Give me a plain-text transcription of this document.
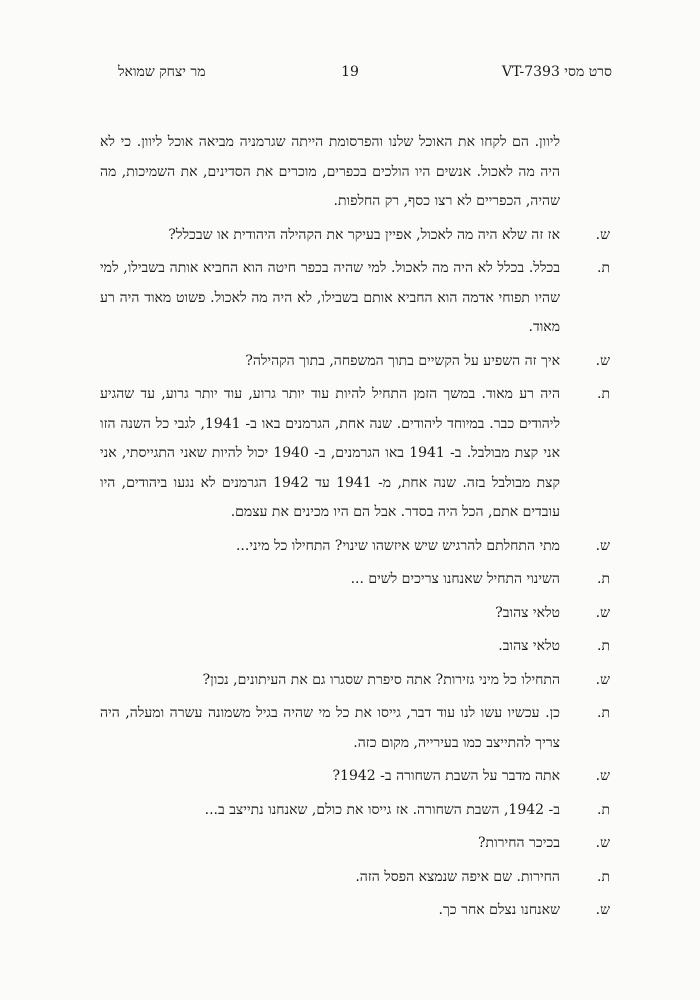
מר יצחק שמואל	19	סרט מסי VT-7393
ליוון. הם לקחו את האוכל שלנו והפרסומת הייתה שגרמניה מביאה אוכל ליוון. כי לא היה מה לאכול. אנשים היו הולכים בכפרים, מוכרים את הסדינים, את השמיכות, מה שהיה, הכפריים לא רצו כסף, רק החלפות.
ש.
אז זה שלא היה מה לאכול, אפיין בעיקר את הקהילה היהודית או שבכלל?
ת.
בכלל. בכלל לא היה מה לאכול. למי שהיה בכפר חיטה הוא החביא אותה בשבילו, למי שהיו תפוחי אדמה הוא החביא אותם בשבילו, לא היה מה לאכול. פשוט מאוד היה רע מאוד.
ש.
איך זה השפיע על הקשיים בתוך המשפחה, בתוך הקהילה?
ת.
היה רע מאוד. במשך הזמן התחיל להיות עוד יותר גרוע, עוד יותר גרוע, עד שהגיע ליהודים כבר. במיוחד ליהודים. שנה אחת, הגרמנים באו ב- 1941, לגבי כל השנה הזו אני קצת מבולבל. ב- 1941 באו הגרמנים, ב- 1940 יכול להיות שאני התגייסתי, אני קצת מבולבל בזה. שנה אחת, מ- 1941 עד 1942 הגרמנים לא נגעו ביהודים, היו עובדים אתם, הכל היה בסדר. אבל הם היו מכינים את עצמם.
ש.
מתי התחלתם להרגיש שיש איזשהו שינוי? התחילו כל מיני...
ת.
השינוי התחיל שאנחנו צריכים לשים ...
ש.
טלאי צהוב?
ת.
טלאי צהוב.
ש.
התחילו כל מיני גזירות? אתה סיפרת שסגרו גם את העיתונים, נכון?
ת.
כן. עכשיו עשו לנו עוד דבר, גייסו את כל מי שהיה בגיל משמונה עשרה ומעלה, היה צריך להתייצב כמו בעירייה, מקום כזה.
ש.
אתה מדבר על השבת השחורה ב- 1942?
ת.
ב- 1942, השבת השחורה. אז גייסו את כולם, שאנחנו נתייצב ב...
ש.
בכיכר החירות?
ת.
החירות. שם איפה שנמצא הפסל הזה.
ש.
שאנחנו נצלם אחר כך.
